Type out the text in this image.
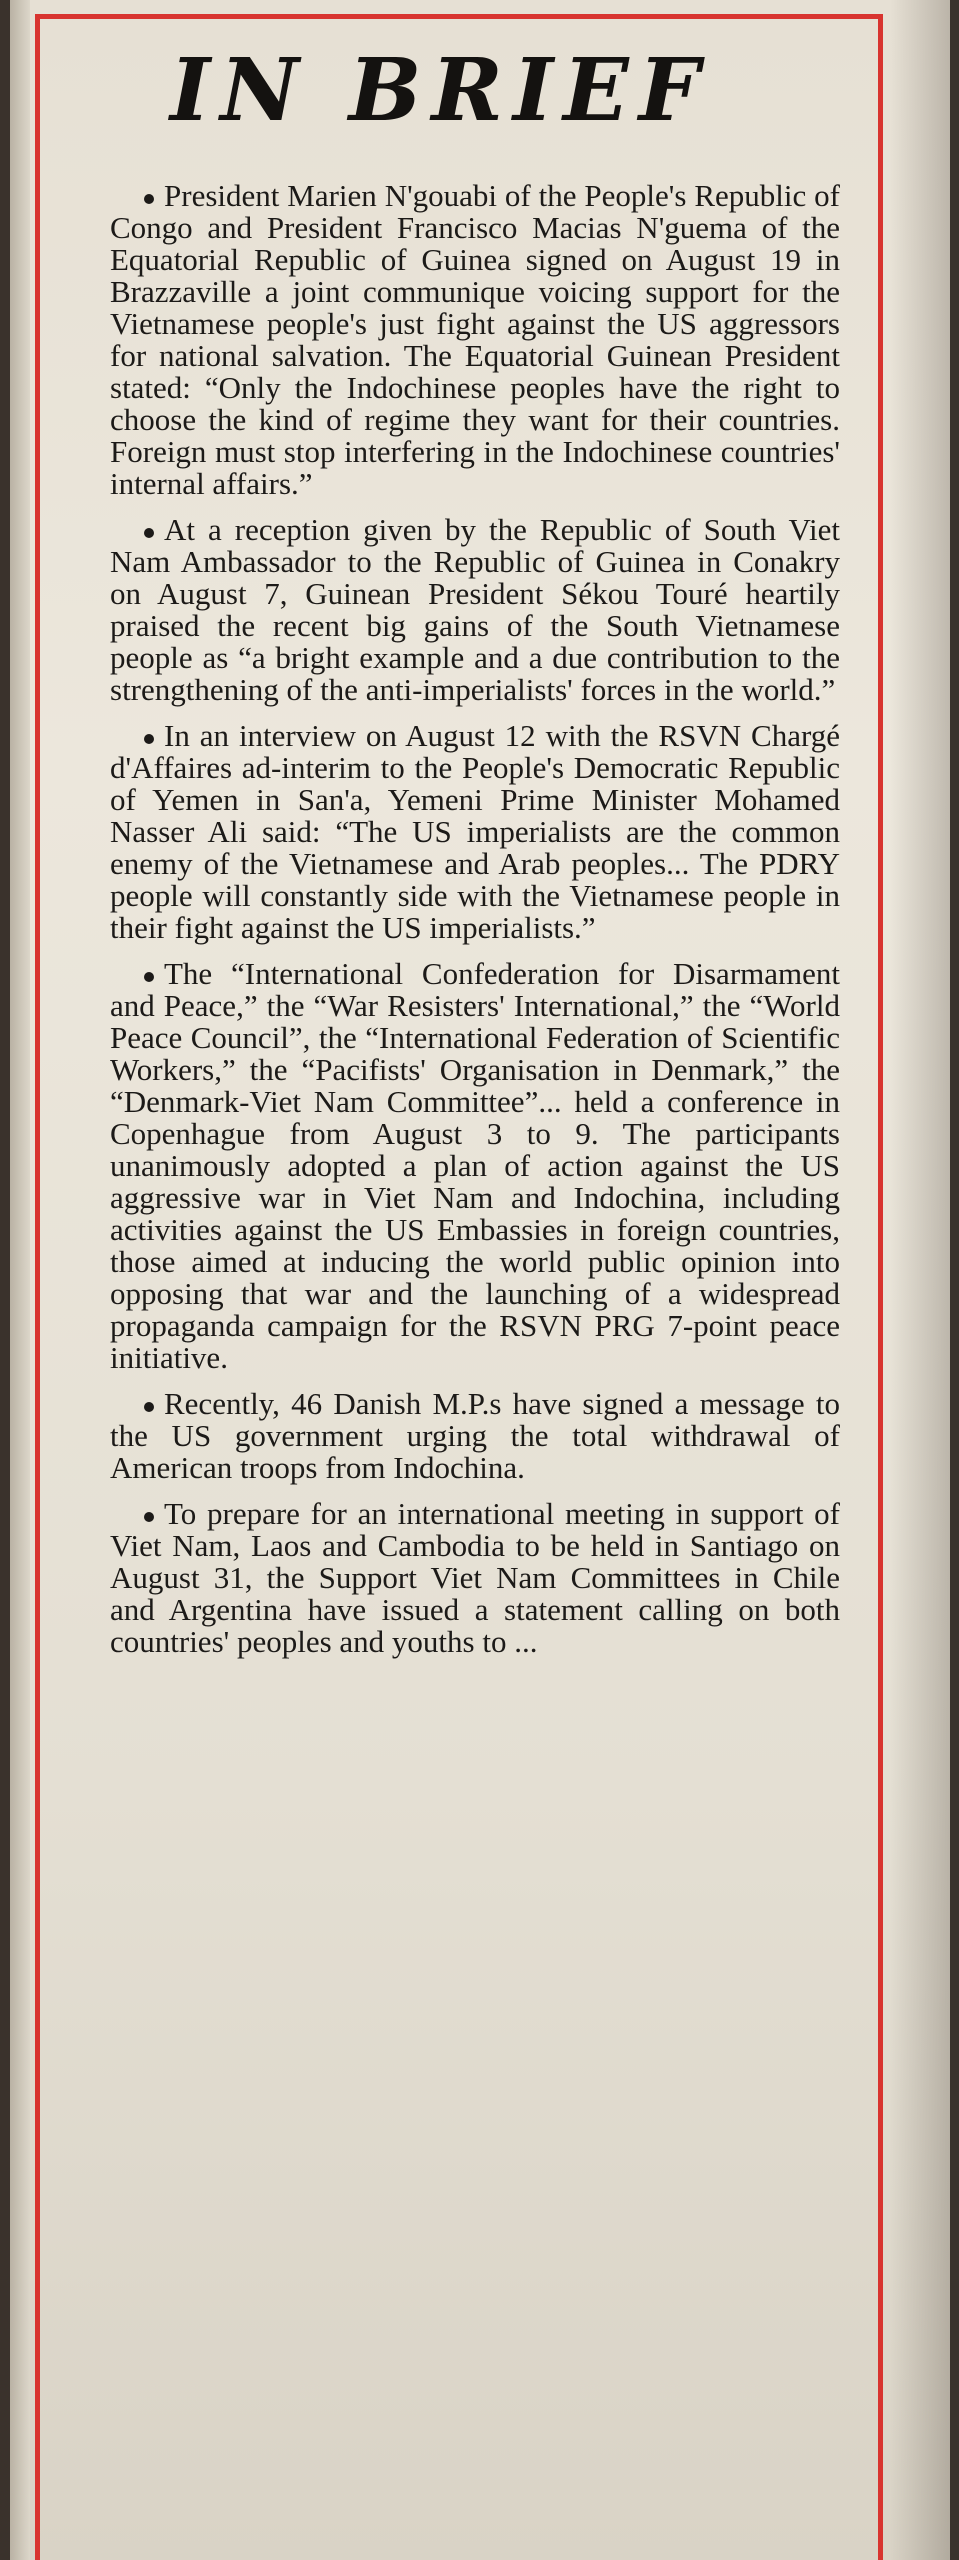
IN BRIEF

President Marien N'gouabi of the People's Republic of Congo and President Francisco Macias N'guema of the Equatorial Republic of Guinea signed on August 19 in Brazzaville a joint communique voicing support for the Vietnamese people's just fight against the US aggressors for national salvation. The Equatorial Guinean President stated: “Only the Indochinese peoples have the right to choose the kind of regime they want for their countries. Foreign must stop interfering in the Indochinese countries' internal affairs.”

At a reception given by the Republic of South Viet Nam Ambassador to the Republic of Guinea in Conakry on August 7, Guinean President Sékou Touré heartily praised the recent big gains of the South Vietnamese people as “a bright example and a due contribution to the strengthening of the anti-imperialists' forces in the world.”

In an interview on August 12 with the RSVN Chargé d'Affaires ad-interim to the People's Democratic Republic of Yemen in San'a, Yemeni Prime Minister Mohamed Nasser Ali said: “The US imperialists are the common enemy of the Vietnamese and Arab peoples... The PDRY people will constantly side with the Vietnamese people in their fight against the US imperialists.”

The “International Confederation for Disarmament and Peace,” the “War Resisters' International,” the “World Peace Council”, the “International Federation of Scientific Workers,” the “Pacifists' Organisation in Denmark,” the “Denmark-Viet Nam Committee”... held a conference in Copenhague from August 3 to 9. The participants unanimously adopted a plan of action against the US aggressive war in Viet Nam and Indochina, including activities against the US Embassies in foreign countries, those aimed at inducing the world public opinion into opposing that war and the launching of a widespread propaganda campaign for the RSVN PRG 7-point peace initiative.

Recently, 46 Danish M.P.s have signed a message to the US government urging the total withdrawal of American troops from Indochina.

To prepare for an international meeting in support of Viet Nam, Laos and Cambodia to be held in Santiago on August 31, the Support Viet Nam Committees in Chile and Argentina have issued a statement calling on both countries' peoples and youths to ...
